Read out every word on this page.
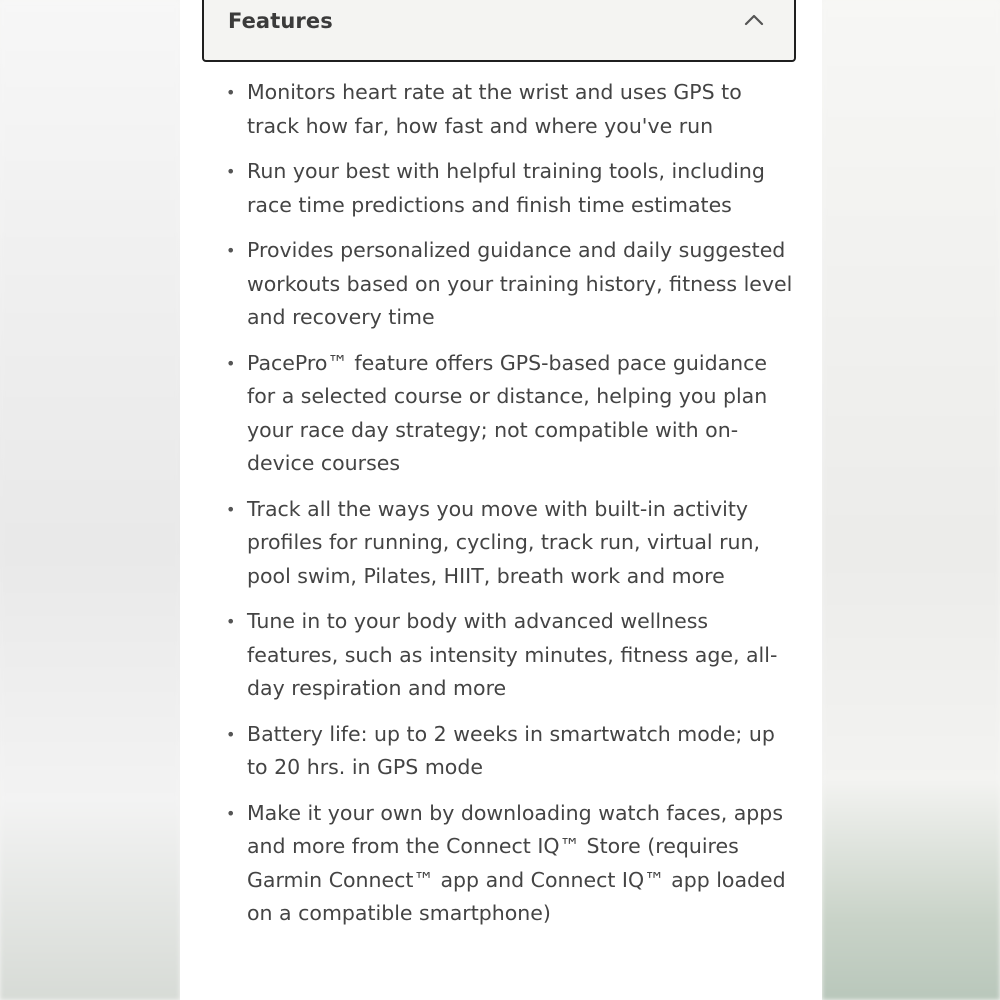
Features
• Monitors heart rate at the wrist and uses GPS to track how far, how fast and where you've run
• Run your best with helpful training tools, including race time predictions and finish time estimates
• Provides personalized guidance and daily suggested workouts based on your training history, fitness level and recovery time
• PacePro™ feature offers GPS-based pace guidance for a selected course or distance, helping you plan your race day strategy; not compatible with on-device courses
• Track all the ways you move with built-in activity profiles for running, cycling, track run, virtual run, pool swim, Pilates, HIIT, breath work and more
• Tune in to your body with advanced wellness features, such as intensity minutes, fitness age, all-day respiration and more
• Battery life: up to 2 weeks in smartwatch mode; up to 20 hrs. in GPS mode
• Make it your own by downloading watch faces, apps and more from the Connect IQ™ Store (requires Garmin Connect™ app and Connect IQ™ app loaded on a compatible smartphone)
